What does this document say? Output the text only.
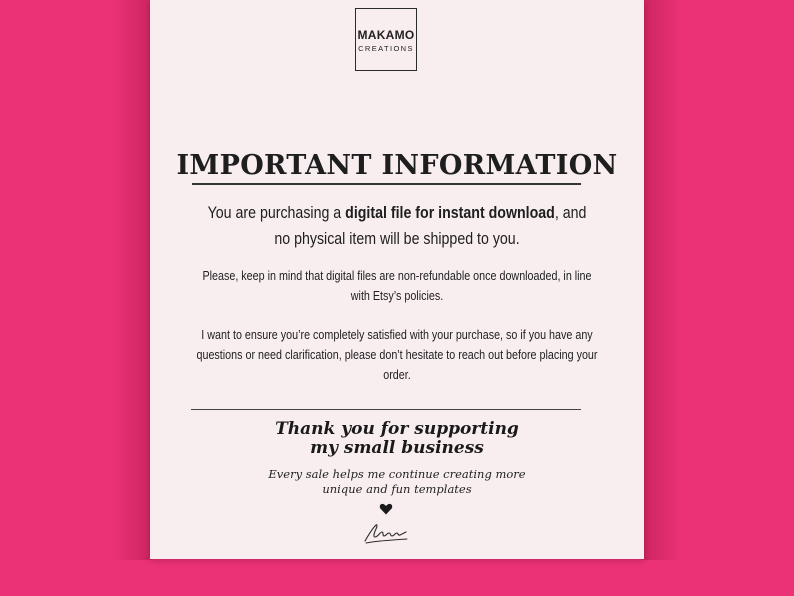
MAKAMO
CREATIONS
IMPORTANT INFORMATION
You are purchasing a digital file for instant download, and no physical item will be shipped to you.
Please, keep in mind that digital files are non-refundable once downloaded, in line with Etsy’s policies.
I want to ensure you’re completely satisfied with your purchase, so if you have any questions or need clarification, please don’t hesitate to reach out before placing your order.
Thank you for supporting
my small business
Every sale helps me continue creating more
unique and fun templates
